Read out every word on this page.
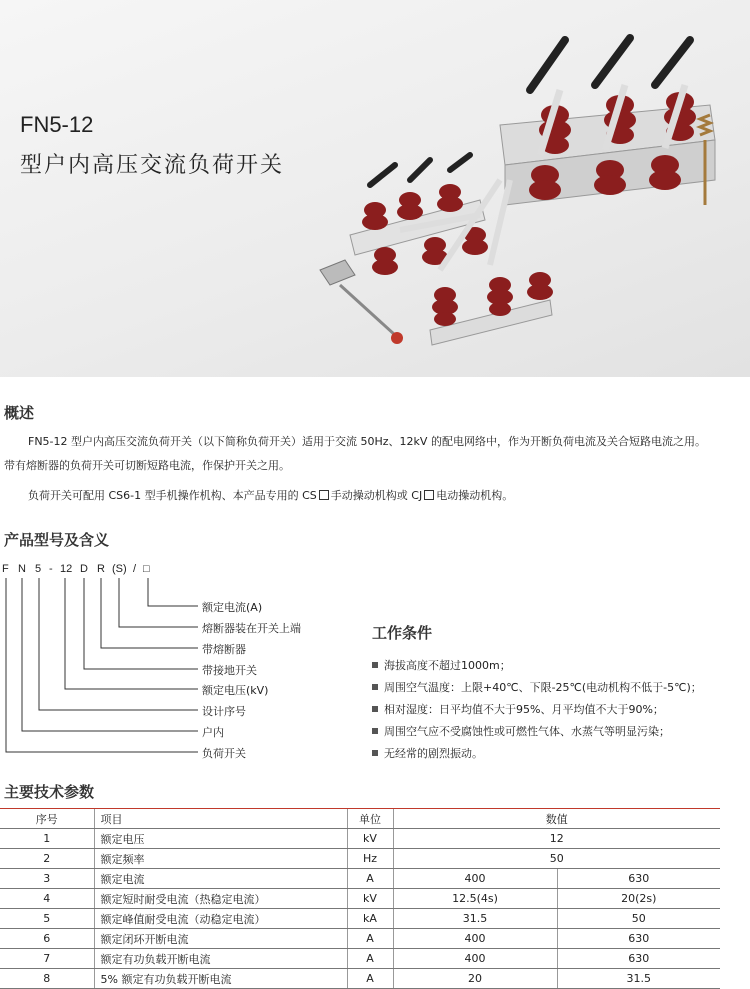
FN5-12
型户内高压交流负荷开关
概述
FN5-12 型户内高压交流负荷开关（以下简称负荷开关）适用于交流 50Hz、12kV 的配电网络中，作为开断负荷电流及关合短路电流之用。
带有熔断器的负荷开关可切断短路电流，作保护开关之用。
负荷开关可配用 CS6-1 型手机操作机构、本产品专用的 CS 手动操动机构或 CJ 电动操动机构。
产品型号及含义
F N 5 - 12 D R (S) / □
额定电流(A)
熔断器装在开关上端
带熔断器
带接地开关
额定电压(kV)
设计序号
户内
负荷开关
工作条件
海拔高度不超过1000m；
周围空气温度：上限+40℃、下限-25℃(电动机构不低于-5℃)；
相对湿度：日平均值不大于95%、月平均值不大于90%；
周围空气应不受腐蚀性或可燃性气体、水蒸气等明显污染；
无经常的剧烈振动。
主要技术参数
序号	项目	单位	数值	
1	额定电压	kV	12	
2	额定频率	Hz	50	
3	额定电流	A	400	630
4	额定短时耐受电流（热稳定电流）	kV	12.5(4s)	20(2s)
5	额定峰值耐受电流（动稳定电流）	kA	31.5	50
6	额定闭环开断电流	A	400	630
7	额定有功负载开断电流	A	400	630
8	5% 额定有功负载开断电流	A	20	31.5
